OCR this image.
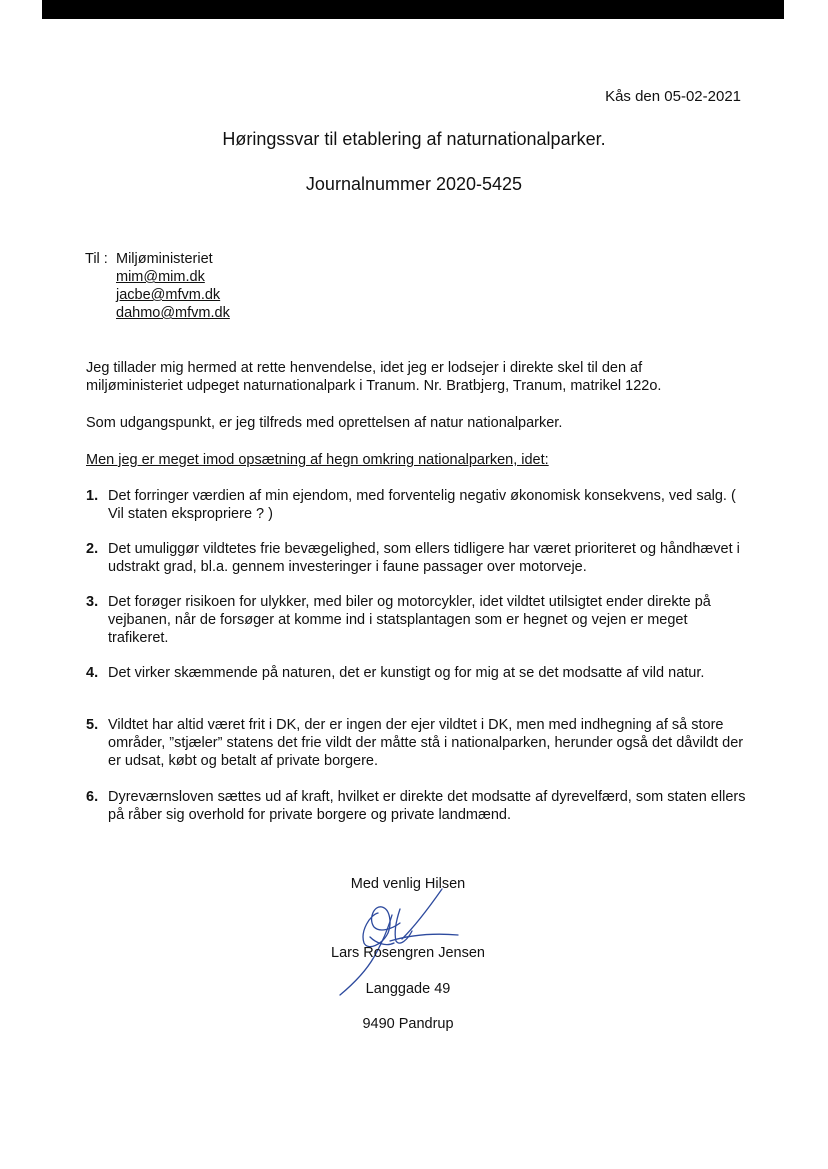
Kås den 05-02-2021
Høringssvar til etablering af naturnationalparker.
Journalnummer 2020-5425
Til : Miljøministeriet
mim@mim.dk
jacbe@mfvm.dk
dahmo@mfvm.dk
Jeg tillader mig hermed at rette henvendelse, idet jeg er lodsejer i direkte skel til den af
miljøministeriet udpeget naturnationalpark i Tranum. Nr. Bratbjerg, Tranum, matrikel 122o.
Som udgangspunkt, er jeg tilfreds med oprettelsen af natur nationalparker.
Men jeg er meget imod opsætning af hegn omkring nationalparken, idet:
1. Det forringer værdien af min ejendom, med forventelig negativ økonomisk konsekvens, ved salg. ( Vil staten ekspropriere ? )
2. Det umuliggør vildtetes frie bevægelighed, som ellers tidligere har været prioriteret og håndhævet i udstrakt grad, bl.a. gennem investeringer i faune passager over motorveje.
3. Det forøger risikoen for ulykker, med biler og motorcykler, idet vildtet utilsigtet ender direkte på vejbanen, når de forsøger at komme ind i statsplantagen som er hegnet og vejen er meget trafikeret.
4. Det virker skæmmende på naturen, det er kunstigt og for mig at se det modsatte af vild natur.
5. Vildtet har altid været frit i DK, der er ingen der ejer vildtet i DK, men med indhegning af så store områder, ”stjæler” statens det frie vildt der måtte stå i nationalparken, herunder også det dåvildt der er udsat, købt og betalt af private borgere.
6. Dyreværnsloven sættes ud af kraft, hvilket er direkte det modsatte af dyrevelfærd, som staten ellers på råber sig overhold for private borgere og private landmænd.
Med venlig Hilsen
Lars Rosengren Jensen
Langgade 49
9490 Pandrup
